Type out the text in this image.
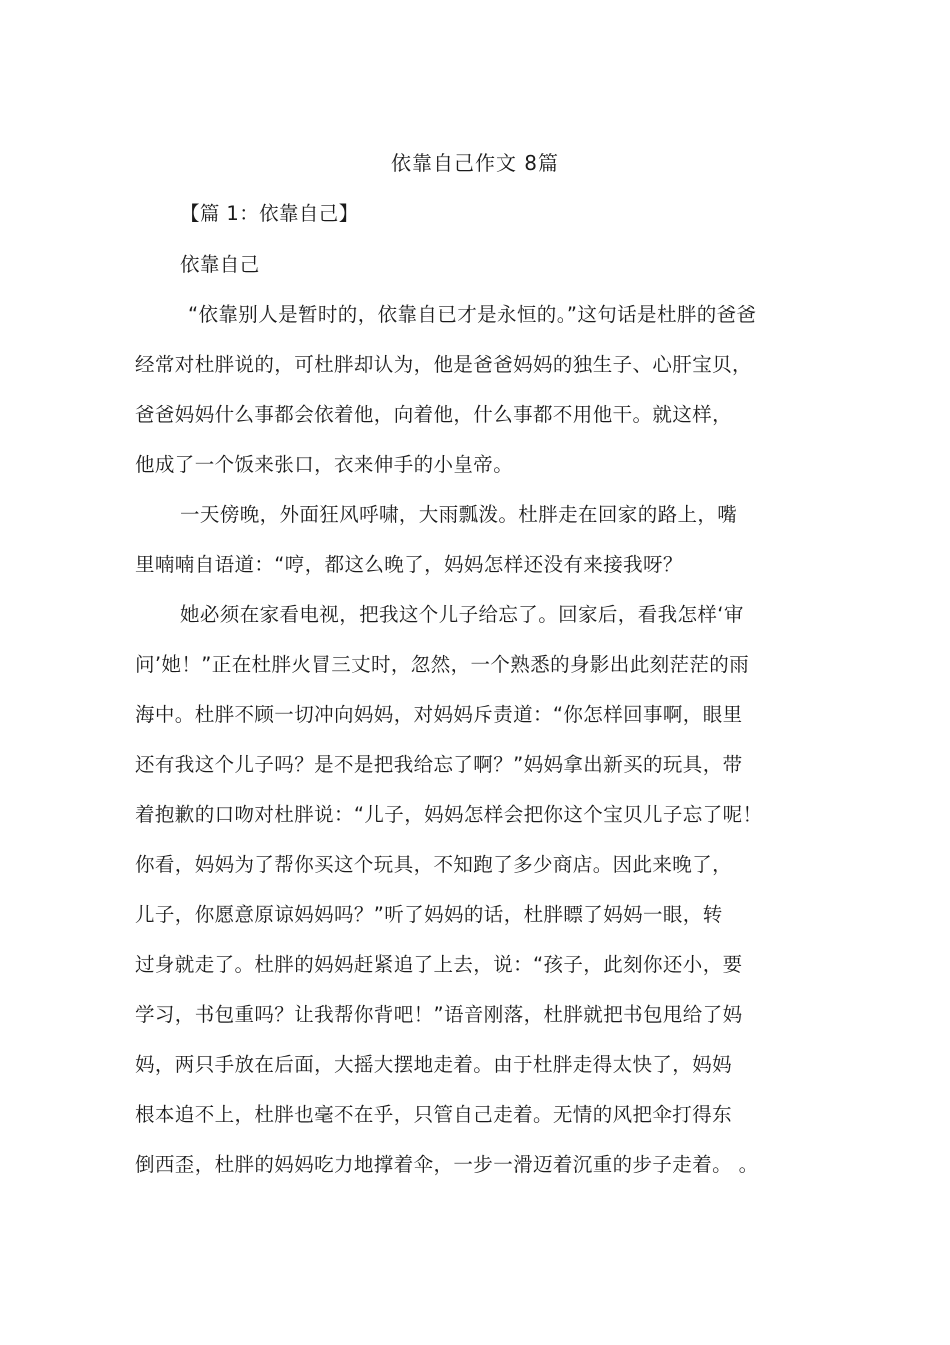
依靠自己作文 8篇
【篇 1：依靠自己】
依靠自己
“依靠别人是暂时的，依靠自已才是永恒的。”这句话是杜胖的爸爸
经常对杜胖说的，可杜胖却认为，他是爸爸妈妈的独生子、心肝宝贝，
爸爸妈妈什么事都会依着他，向着他，什么事都不用他干。就这样，
他成了一个饭来张口，衣来伸手的小皇帝。
一天傍晚，外面狂风呼啸，大雨瓢泼。杜胖走在回家的路上，嘴
里喃喃自语道：“哼，都这么晚了，妈妈怎样还没有来接我呀？
她必须在家看电视，把我这个儿子给忘了。回家后，看我怎样‘审
问’她！”正在杜胖火冒三丈时，忽然，一个熟悉的身影出此刻茫茫的雨
海中。杜胖不顾一切冲向妈妈，对妈妈斥责道：“你怎样回事啊，眼里
还有我这个儿子吗？是不是把我给忘了啊？”妈妈拿出新买的玩具，带
着抱歉的口吻对杜胖说：“儿子，妈妈怎样会把你这个宝贝儿子忘了呢！
你看，妈妈为了帮你买这个玩具，不知跑了多少商店。因此来晚了，
儿子，你愿意原谅妈妈吗？”听了妈妈的话，杜胖瞟了妈妈一眼，转
过身就走了。杜胖的妈妈赶紧追了上去，说：“孩子，此刻你还小，要
学习，书包重吗？让我帮你背吧！”语音刚落，杜胖就把书包甩给了妈
妈，两只手放在后面，大摇大摆地走着。由于杜胖走得太快了，妈妈
根本追不上，杜胖也毫不在乎，只管自己走着。无情的风把伞打得东
倒西歪，杜胖的妈妈吃力地撑着伞，一步一滑迈着沉重的步子走着。 。
